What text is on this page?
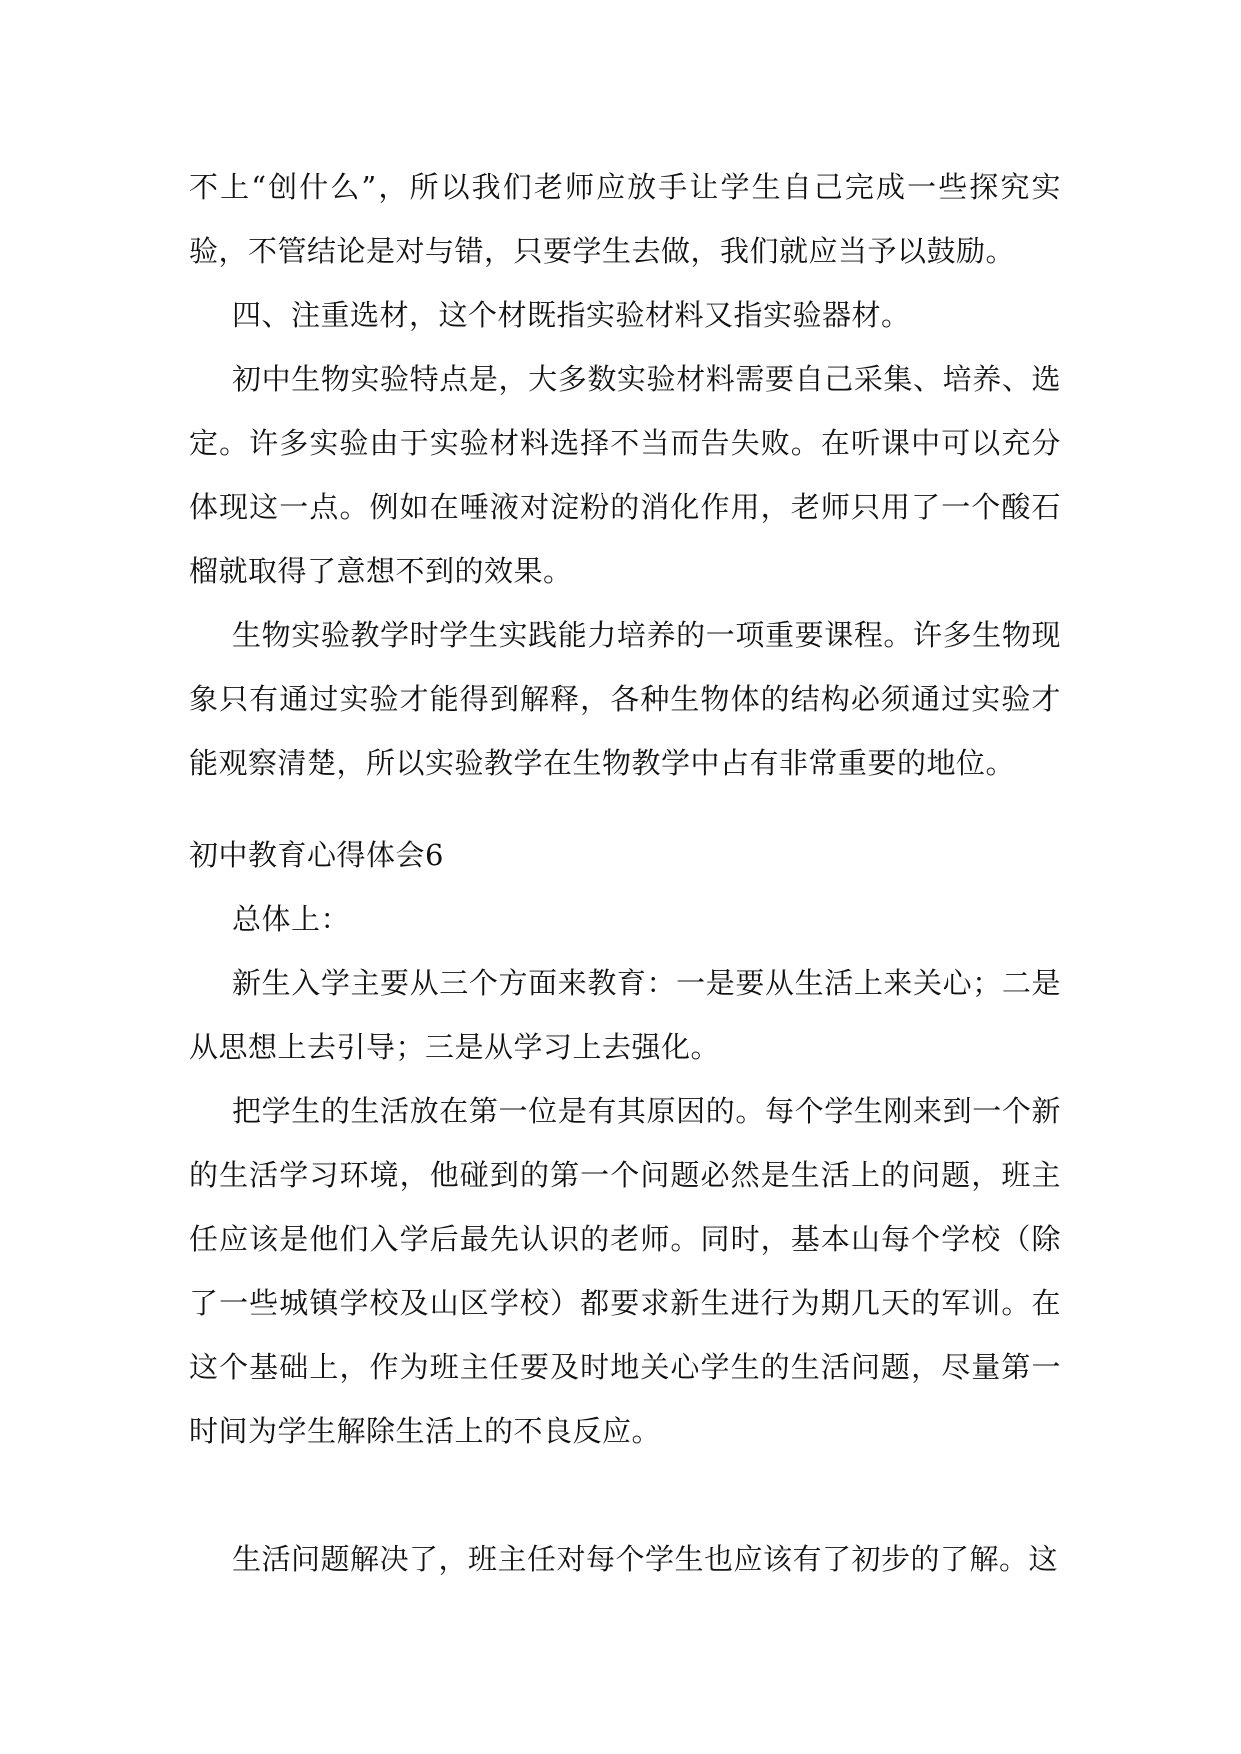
不上“创什么”，所以我们老师应放手让学生自己完成一些探究实验，不管结论是对与错，只要学生去做，我们就应当予以鼓励。

四、注重选材，这个材既指实验材料又指实验器材。

初中生物实验特点是，大多数实验材料需要自己采集、培养、选定。许多实验由于实验材料选择不当而告失败。在听课中可以充分体现这一点。例如在唾液对淀粉的消化作用，老师只用了一个酸石榴就取得了意想不到的效果。

生物实验教学时学生实践能力培养的一项重要课程。许多生物现象只有通过实验才能得到解释，各种生物体的结构必须通过实验才能观察清楚，所以实验教学在生物教学中占有非常重要的地位。

初中教育心得体会6

总体上：

新生入学主要从三个方面来教育：一是要从生活上来关心；二是从思想上去引导；三是从学习上去强化。

把学生的生活放在第一位是有其原因的。每个学生刚来到一个新的生活学习环境，他碰到的第一个问题必然是生活上的问题，班主任应该是他们入学后最先认识的老师。同时，基本山每个学校（除了一些城镇学校及山区学校）都要求新生进行为期几天的军训。在这个基础上，作为班主任要及时地关心学生的生活问题，尽量第一时间为学生解除生活上的不良反应。

生活问题解决了，班主任对每个学生也应该有了初步的了解。这
